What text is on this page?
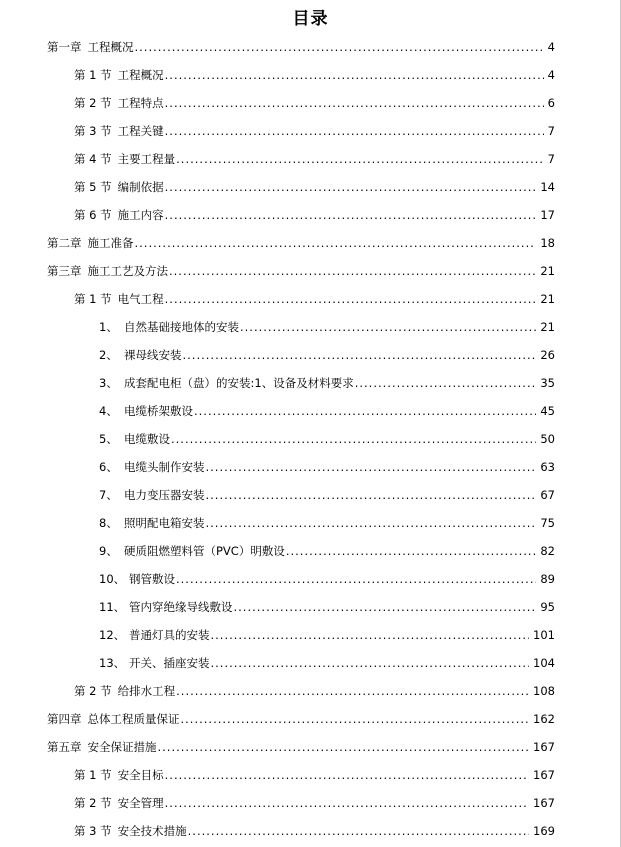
目录
第一章 工程概况 .....	4
第 1 节 工程概况 .....	4
第 2 节 工程特点 .....	6
第 3 节 工程关键 .....	7
第 4 节 主要工程量 .....	7
第 5 节 编制依据 .....	14
第 6 节 施工内容 .....	17
第二章 施工准备 .....	18
第三章 施工工艺及方法 .....	21
第 1 节 电气工程 .....	21
1、 自然基础接地体的安装 .....	21
2、 裸母线安装 .....	26
3、 成套配电柜（盘）的安装:1、设备及材料要求 .....	35
4、 电缆桥架敷设 .....	45
5、 电缆敷设 .....	50
6、 电缆头制作安装 .....	63
7、 电力变压器安装 .....	67
8、 照明配电箱安装 .....	75
9、 硬质阻燃塑料管（PVC）明敷设 .....	82
10、 钢管敷设 .....	89
11、 管内穿绝缘导线敷设 .....	95
12、 普通灯具的安装 .....	101
13、 开关、插座安装 .....	104
第 2 节 给排水工程 .....	108
第四章 总体工程质量保证 .....	162
第五章 安全保证措施 .....	167
第 1 节 安全目标 .....	167
第 2 节 安全管理 .....	167
第 3 节 安全技术措施 .....	169
